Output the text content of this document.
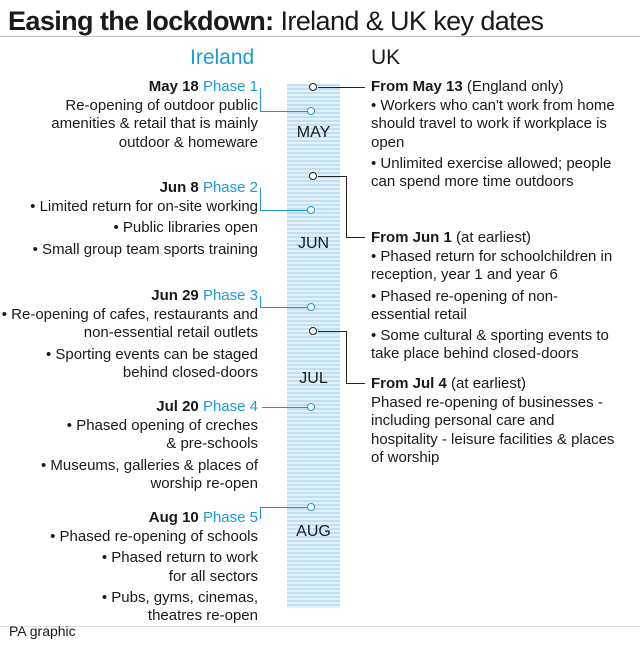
Easing the lockdown: Ireland & UK key dates
Ireland	UK
MAY
JUN
JUL
AUG
May 18 Phase 1
Re-opening of outdoor public amenities & retail that is mainly outdoor & homeware
Jun 8 Phase 2
• Limited return for on-site working
• Public libraries open
• Small group team sports training
Jun 29 Phase 3
• Re-opening of cafes, restaurants and non-essential retail outlets
• Sporting events can be staged behind closed-doors
Jul 20 Phase 4
• Phased opening of creches & pre-schools
• Museums, galleries & places of worship re-open
Aug 10 Phase 5
• Phased re-opening of schools
• Phased return to work for all sectors
• Pubs, gyms, cinemas, theatres re-open
From May 13 (England only)
• Workers who can't work from home should travel to work if workplace is open
• Unlimited exercise allowed; people can spend more time outdoors
From Jun 1 (at earliest)
• Phased return for schoolchildren in reception, year 1 and year 6
• Phased re-opening of non-essential retail
• Some cultural & sporting events to take place behind closed-doors
From Jul 4 (at earliest)
Phased re-opening of businesses - including personal care and hospitality - leisure facilities & places of worship
PA graphic
